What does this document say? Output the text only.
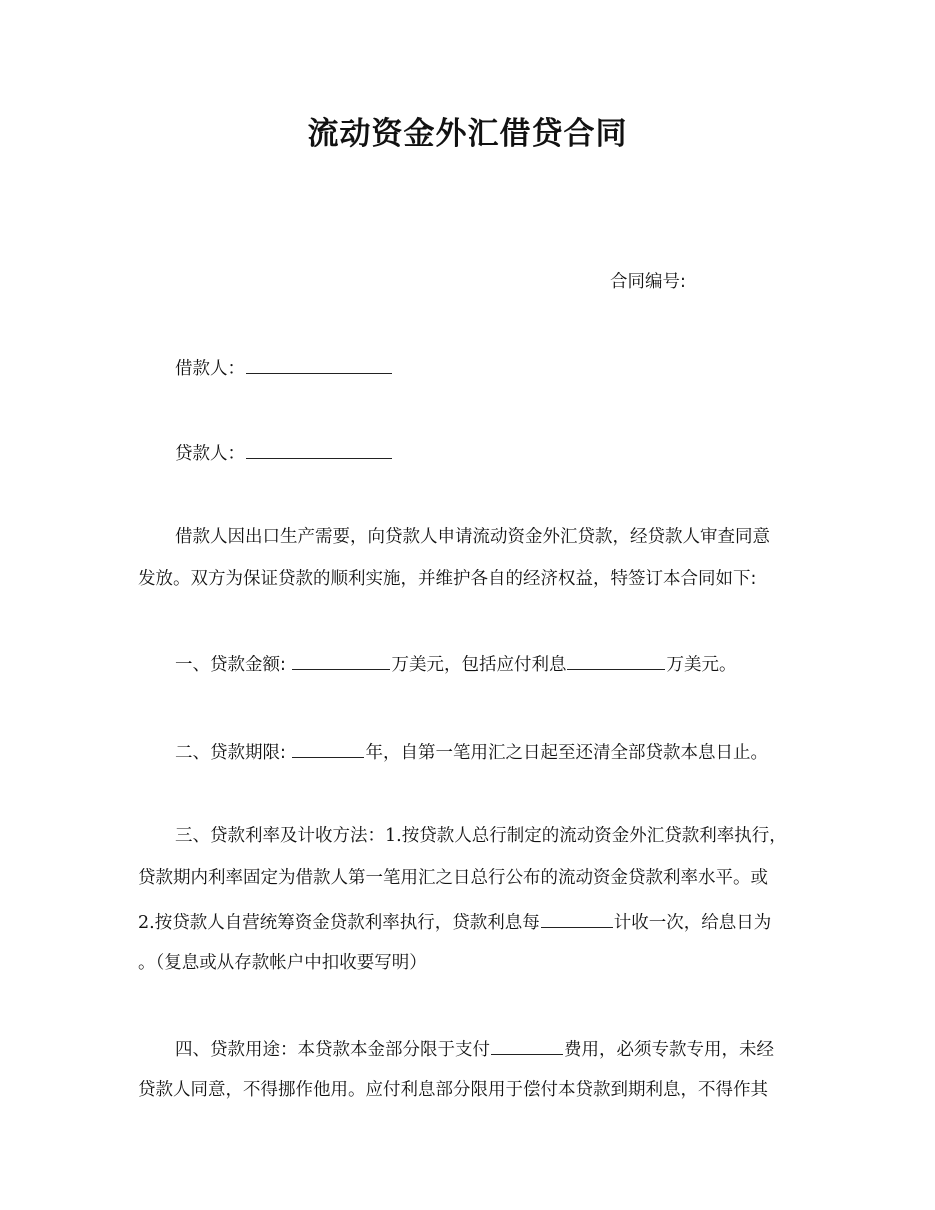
流动资金外汇借贷合同
合同编号:
借款人：
贷款人：
借款人因出口生产需要，向贷款人申请流动资金外汇贷款，经贷款人审查同意
发放。双方为保证贷款的顺利实施，并维护各自的经济权益，特签订本合同如下:
一、贷款金额:	万美元，包括应付利息	万美元。
二、贷款期限:	年，自第一笔用汇之日起至还清全部贷款本息日止。
三、贷款利率及计收方法：1.按贷款人总行制定的流动资金外汇贷款利率执行，
贷款期内利率固定为借款人第一笔用汇之日总行公布的流动资金贷款利率水平。或
2.按贷款人自营统筹资金贷款利率执行，贷款利息每	计收一次，给息日为
。（复息或从存款帐户中扣收要写明）
四、贷款用途：本贷款本金部分限于支付	费用，必须专款专用，未经
贷款人同意，不得挪作他用。应付利息部分限用于偿付本贷款到期利息，不得作其
